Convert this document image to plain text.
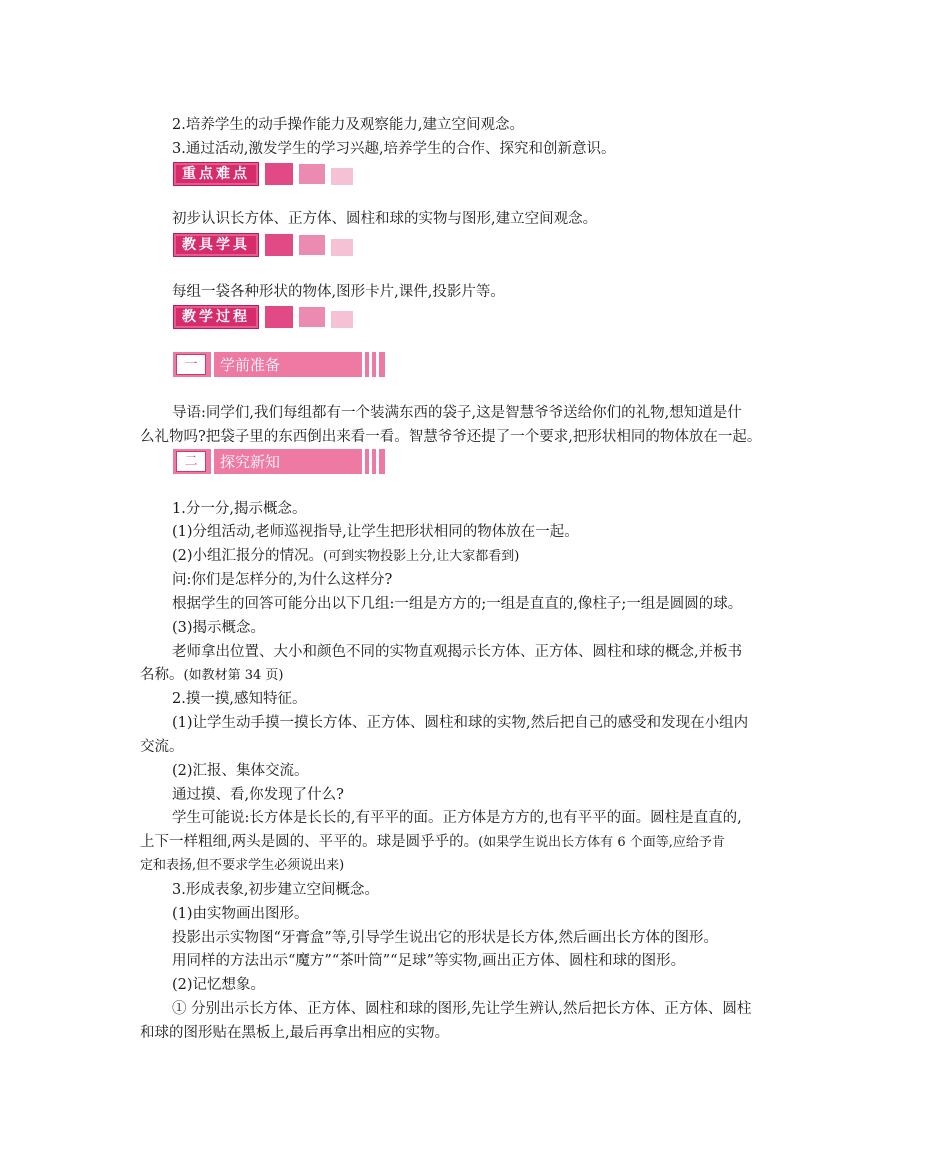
2.培养学生的动手操作能力及观察能力,建立空间观念。
3.通过活动,激发学生的学习兴趣,培养学生的合作、探究和创新意识。
重点难点
初步认识长方体、正方体、圆柱和球的实物与图形,建立空间观念。
教具学具
每组一袋各种形状的物体,图形卡片,课件,投影片等。
教学过程
一	学前准备
导语:同学们,我们每组都有一个装满东西的袋子,这是智慧爷爷送给你们的礼物,想知道是什
么礼物吗?把袋子里的东西倒出来看一看。智慧爷爷还提了一个要求,把形状相同的物体放在一起。
二	探究新知
1.分一分,揭示概念。
(1)分组活动,老师巡视指导,让学生把形状相同的物体放在一起。
(2)小组汇报分的情况。(可到实物投影上分,让大家都看到)
问:你们是怎样分的,为什么这样分?
根据学生的回答可能分出以下几组:一组是方方的;一组是直直的,像柱子;一组是圆圆的球。
(3)揭示概念。
老师拿出位置、大小和颜色不同的实物直观揭示长方体、正方体、圆柱和球的概念,并板书
名称。(如教材第 34 页)
2.摸一摸,感知特征。
(1)让学生动手摸一摸长方体、正方体、圆柱和球的实物,然后把自己的感受和发现在小组内
交流。
(2)汇报、集体交流。
通过摸、看,你发现了什么?
学生可能说:长方体是长长的,有平平的面。正方体是方方的,也有平平的面。圆柱是直直的,
上下一样粗细,两头是圆的、平平的。球是圆乎乎的。(如果学生说出长方体有 6 个面等,应给予肯
定和表扬,但不要求学生必须说出来)
3.形成表象,初步建立空间概念。
(1)由实物画出图形。
投影出示实物图“牙膏盒”等,引导学生说出它的形状是长方体,然后画出长方体的图形。
用同样的方法出示“魔方”“茶叶筒”“足球”等实物,画出正方体、圆柱和球的图形。
(2)记忆想象。
① 分别出示长方体、正方体、圆柱和球的图形,先让学生辨认,然后把长方体、正方体、圆柱
和球的图形贴在黑板上,最后再拿出相应的实物。
